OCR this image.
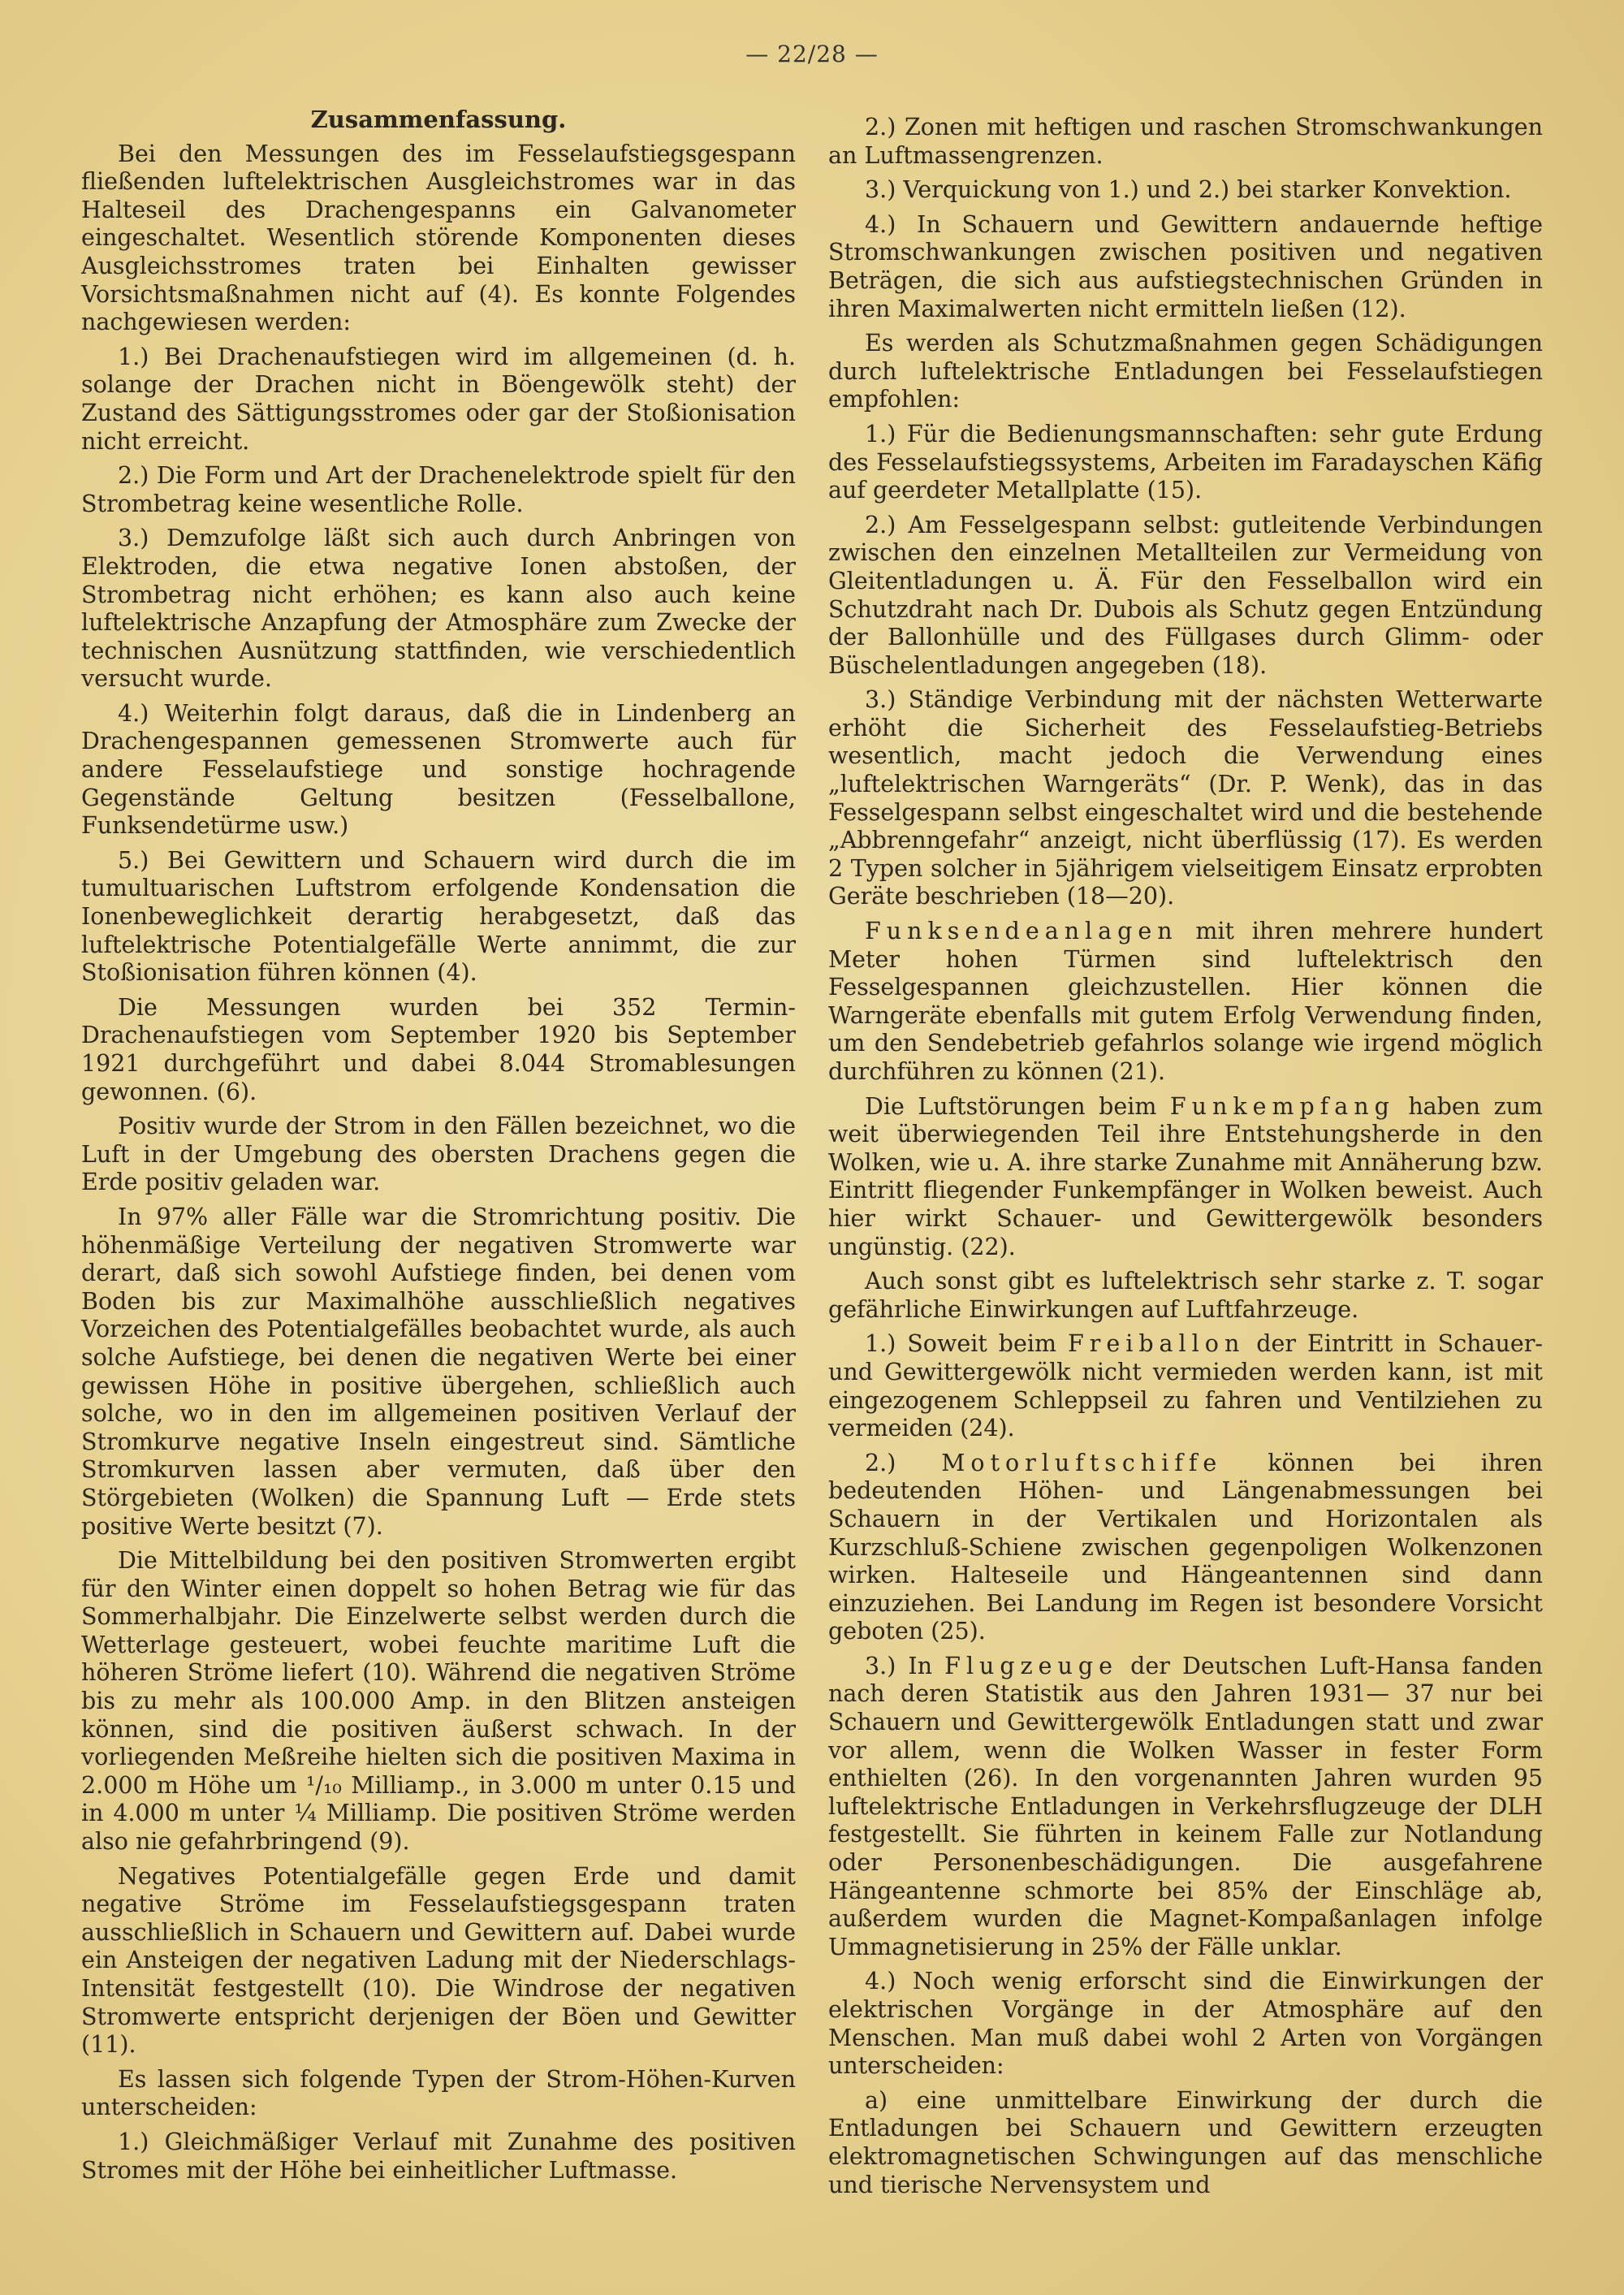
— 22/28 —

Zusammenfassung.

Bei den Messungen des im Fesselaufstiegsgespann fließenden luftelektrischen Ausgleichstromes war in das Halteseil des Drachengespanns ein Galvanometer eingeschaltet. Wesentlich störende Komponenten dieses Ausgleichsstromes traten bei Einhalten gewisser Vorsichtsmaßnahmen nicht auf (4). Es konnte Folgendes nachgewiesen werden:

1.) Bei Drachenaufstiegen wird im allgemeinen (d. h. solange der Drachen nicht in Böengewölk steht) der Zustand des Sättigungsstromes oder gar der Stoßionisation nicht erreicht.

2.) Die Form und Art der Drachenelektrode spielt für den Strombetrag keine wesentliche Rolle.

3.) Demzufolge läßt sich auch durch Anbringen von Elektroden, die etwa negative Ionen abstoßen, der Strombetrag nicht erhöhen; es kann also auch keine luftelektrische Anzapfung der Atmosphäre zum Zwecke der technischen Ausnützung stattfinden, wie verschiedentlich versucht wurde.

4.) Weiterhin folgt daraus, daß die in Lindenberg an Drachengespannen gemessenen Stromwerte auch für andere Fesselaufstiege und sonstige hochragende Gegenstände Geltung besitzen (Fesselballone, Funksendetürme usw.)

5.) Bei Gewittern und Schauern wird durch die im tumultuarischen Luftstrom erfolgende Kondensation die Ionenbeweglichkeit derartig herabgesetzt, daß das luftelektrische Potentialgefälle Werte annimmt, die zur Stoßionisation führen können (4).

Die Messungen wurden bei 352 Termin-Drachenaufstiegen vom September 1920 bis September 1921 durchgeführt und dabei 8.044 Stromablesungen gewonnen. (6).

Positiv wurde der Strom in den Fällen bezeichnet, wo die Luft in der Umgebung des obersten Drachens gegen die Erde positiv geladen war.

In 97% aller Fälle war die Stromrichtung positiv. Die höhenmäßige Verteilung der negativen Stromwerte war derart, daß sich sowohl Aufstiege finden, bei denen vom Boden bis zur Maximalhöhe ausschließlich negatives Vorzeichen des Potentialgefälles beobachtet wurde, als auch solche Aufstiege, bei denen die negativen Werte bei einer gewissen Höhe in positive übergehen, schließlich auch solche, wo in den im allgemeinen positiven Verlauf der Stromkurve negative Inseln eingestreut sind. Sämtliche Stromkurven lassen aber vermuten, daß über den Störgebieten (Wolken) die Spannung Luft — Erde stets positive Werte besitzt (7).

Die Mittelbildung bei den positiven Stromwerten ergibt für den Winter einen doppelt so hohen Betrag wie für das Sommerhalbjahr. Die Einzelwerte selbst werden durch die Wetterlage gesteuert, wobei feuchte maritime Luft die höheren Ströme liefert (10). Während die negativen Ströme bis zu mehr als 100.000 Amp. in den Blitzen ansteigen können, sind die positiven äußerst schwach. In der vorliegenden Meßreihe hielten sich die positiven Maxima in 2.000 m Höhe um ¹/₁₀ Milliamp., in 3.000 m unter 0.15 und in 4.000 m unter ¼ Milliamp. Die positiven Ströme werden also nie gefahrbringend (9).

Negatives Potentialgefälle gegen Erde und damit negative Ströme im Fesselaufstiegsgespann traten ausschließlich in Schauern und Gewittern auf. Dabei wurde ein Ansteigen der negativen Ladung mit der Niederschlags-Intensität festgestellt (10). Die Windrose der negativen Stromwerte entspricht derjenigen der Böen und Gewitter (11).

Es lassen sich folgende Typen der Strom-Höhen-Kurven unterscheiden:

1.) Gleichmäßiger Verlauf mit Zunahme des positiven Stromes mit der Höhe bei einheitlicher Luftmasse.

2.) Zonen mit heftigen und raschen Stromschwankungen an Luftmassengrenzen.

3.) Verquickung von 1.) und 2.) bei starker Konvektion.

4.) In Schauern und Gewittern andauernde heftige Stromschwankungen zwischen positiven und negativen Beträgen, die sich aus aufstiegstechnischen Gründen in ihren Maximalwerten nicht ermitteln ließen (12).

Es werden als Schutzmaßnahmen gegen Schädigungen durch luftelektrische Entladungen bei Fesselaufstiegen empfohlen:

1.) Für die Bedienungsmannschaften: sehr gute Erdung des Fesselaufstiegssystems, Arbeiten im Faradayschen Käfig auf geerdeter Metallplatte (15).

2.) Am Fesselgespann selbst: gutleitende Verbindungen zwischen den einzelnen Metallteilen zur Vermeidung von Gleitentladungen u. Ä. Für den Fesselballon wird ein Schutzdraht nach Dr. Dubois als Schutz gegen Entzündung der Ballonhülle und des Füllgases durch Glimm- oder Büschelentladungen angegeben (18).

3.) Ständige Verbindung mit der nächsten Wetterwarte erhöht die Sicherheit des Fesselaufstieg-Betriebs wesentlich, macht jedoch die Verwendung eines „luftelektrischen Warngeräts“ (Dr. P. Wenk), das in das Fesselgespann selbst eingeschaltet wird und die bestehende „Abbrenngefahr“ anzeigt, nicht überflüssig (17). Es werden 2 Typen solcher in 5jährigem vielseitigem Einsatz erprobten Geräte beschrieben (18—20).

Funksendeanlagen mit ihren mehrere hundert Meter hohen Türmen sind luftelektrisch den Fesselgespannen gleichzustellen. Hier können die Warngeräte ebenfalls mit gutem Erfolg Verwendung finden, um den Sendebetrieb gefahrlos solange wie irgend möglich durchführen zu können (21).

Die Luftstörungen beim Funkempfang haben zum weit überwiegenden Teil ihre Entstehungsherde in den Wolken, wie u. A. ihre starke Zunahme mit Annäherung bzw. Eintritt fliegender Funkempfänger in Wolken beweist. Auch hier wirkt Schauer- und Gewittergewölk besonders ungünstig. (22).

Auch sonst gibt es luftelektrisch sehr starke z. T. sogar gefährliche Einwirkungen auf Luftfahrzeuge.

1.) Soweit beim Freiballon der Eintritt in Schauer- und Gewittergewölk nicht vermieden werden kann, ist mit eingezogenem Schleppseil zu fahren und Ventilziehen zu vermeiden (24).

2.) Motorluftschiffe können bei ihren bedeutenden Höhen- und Längenabmessungen bei Schauern in der Vertikalen und Horizontalen als Kurzschluß-Schiene zwischen gegenpoligen Wolkenzonen wirken. Halteseile und Hängeantennen sind dann einzuziehen. Bei Landung im Regen ist besondere Vorsicht geboten (25).

3.) In Flugzeuge der Deutschen Luft-Hansa fanden nach deren Statistik aus den Jahren 1931— 37 nur bei Schauern und Gewittergewölk Entladungen statt und zwar vor allem, wenn die Wolken Wasser in fester Form enthielten (26). In den vorgenannten Jahren wurden 95 luftelektrische Entladungen in Verkehrsflugzeuge der DLH festgestellt. Sie führten in keinem Falle zur Notlandung oder Personenbeschädigungen. Die ausgefahrene Hängeantenne schmorte bei 85% der Einschläge ab, außerdem wurden die Magnet-Kompaßanlagen infolge Ummagnetisierung in 25% der Fälle unklar.

4.) Noch wenig erforscht sind die Einwirkungen der elektrischen Vorgänge in der Atmosphäre auf den Menschen. Man muß dabei wohl 2 Arten von Vorgängen unterscheiden:

a) eine unmittelbare Einwirkung der durch die Entladungen bei Schauern und Gewittern erzeugten elektromagnetischen Schwingungen auf das menschliche und tierische Nervensystem und
